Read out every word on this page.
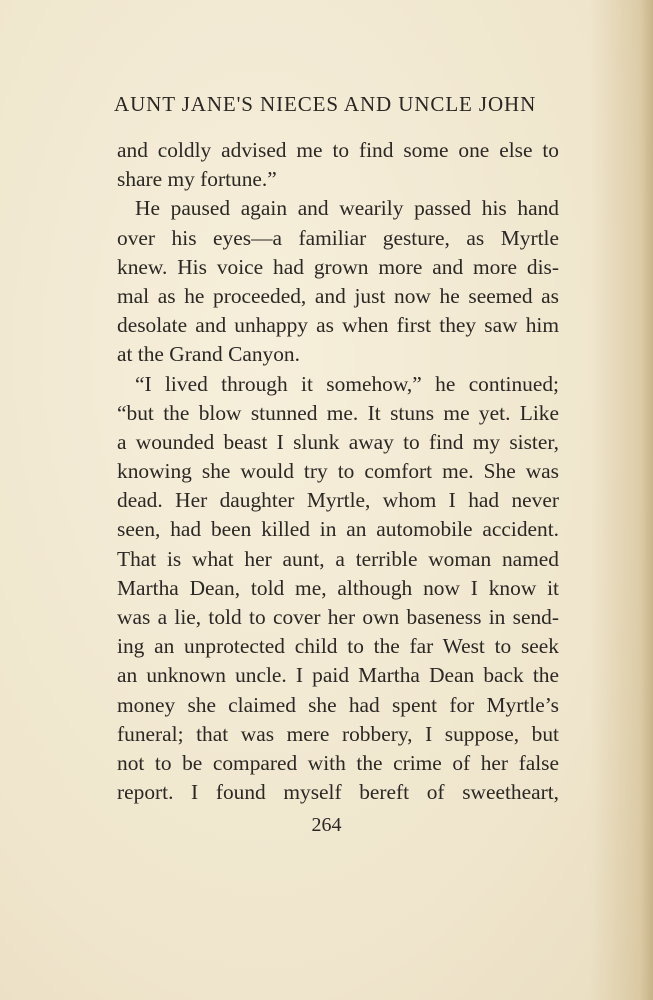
AUNT JANE'S NIECES AND UNCLE JOHN
and coldly advised me to find some one else to
share my fortune.”
He paused again and wearily passed his hand
over his eyes—a familiar gesture, as Myrtle
knew. His voice had grown more and more dis-
mal as he proceeded, and just now he seemed as
desolate and unhappy as when first they saw him
at the Grand Canyon.
“I lived through it somehow,” he continued;
“but the blow stunned me. It stuns me yet. Like
a wounded beast I slunk away to find my sister,
knowing she would try to comfort me. She was
dead. Her daughter Myrtle, whom I had never
seen, had been killed in an automobile accident.
That is what her aunt, a terrible woman named
Martha Dean, told me, although now I know it
was a lie, told to cover her own baseness in send-
ing an unprotected child to the far West to seek
an unknown uncle. I paid Martha Dean back the
money she claimed she had spent for Myrtle’s
funeral; that was mere robbery, I suppose, but
not to be compared with the crime of her false
report. I found myself bereft of sweetheart,
264
